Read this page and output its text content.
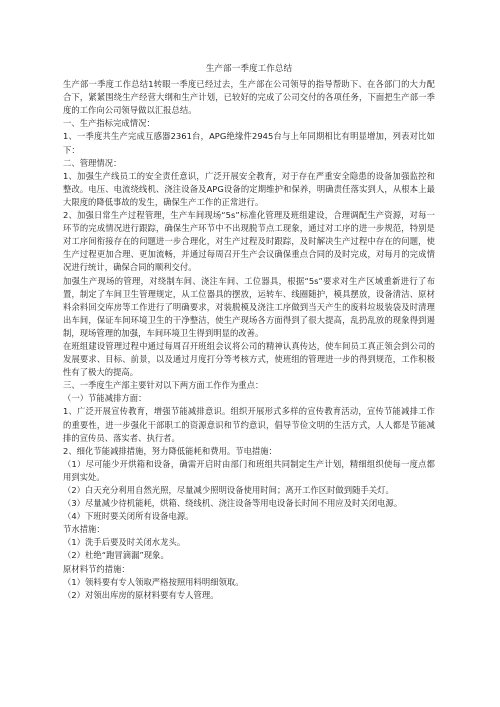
生产部一季度工作总结

生产部一季度工作总结1转眼一季度已经过去，生产部在公司领导的指导帮助下、在各部门的大力配合下，紧紧围绕生产经营大纲和生产计划，已较好的完成了公司交付的各项任务，下面把生产部一季度的工作向公司领导做以汇报总结。

一、生产指标完成情况：

1、一季度共生产完成互感器2361台，APG绝缘件2945台与上年同期相比有明显增加，列表对比如下：

二、管理情况：

1、加强生产线员工的安全责任意识，广泛开展安全教育，对于存在严重安全隐患的设备加强监控和整改。电压、电流绕线机、浇注设备及APG设备的定期维护和保养，明确责任落实到人，从根本上最大限度的降低事故的发生，确保生产工作的正常进行。

2、加强日常生产过程管理，生产车间现场“5s”标准化管理及班组建设，合理调配生产资源，对每一环节的完成情况进行跟踪，确保生产环节中不出现脱节点工现象，通过对工序的进一步规范，特别是对工序间衔接存在的问题进一步合理化，对生产过程及时跟踪，及时解决生产过程中存在的问题，使生产过程更加合理、更加流畅，并通过每周召开生产会议确保重点合同的及时完成，对每月的完成情况进行统计，确保合同的顺利交付。

加强生产现场的管理，对绕制车间、浇注车间、工位器具，根据“5s”要求对生产区域重新进行了布置，制定了车间卫生管理规定，从工位器具的摆放，运转车、线圈随护，模具摆放，设备清洁、原材料余料回交库房等工作进行了明确要求，对装脱模及浇注工序做到当天产生的废料垃圾装袋及时清理出车间，保证车间环境卫生的干净整洁，使生产现场各方面得到了很大提高，乱扔乱放的现象得到遏制，现场管理的加强，车间环境卫生得到明显的改善。

在班组建设管理过程中通过每周召开班组会议将公司的精神认真传达，使车间员工真正领会到公司的发展要求、目标、前景，以及通过月度打分等考核方式，使班组的管理进一步的得到规范，工作积极性有了极大的提高。

三、一季度生产部主要针对以下两方面工作作为重点：

（一）节能减排方面：

1、广泛开展宣传教育，增强节能减排意识。组织开展形式多样的宣传教育活动，宣传节能减排工作的重要性，进一步强化干部职工的资源意识和节约意识，倡导节俭文明的生活方式，人人都是节能减排的宣传员、落实者、执行者。

2、细化节能减排措施，努力降低能耗和费用。节电措施：

（1）尽可能少开烘箱和设备，确需开启时由部门和班组共同制定生产计划，精细组织使每一度点都用到实处。

（2）白天充分利用自然光照，尽量减少照明设备使用时间；离开工作区时做到随手关灯。

（3）尽量减少待机能耗，烘箱、绕线机、浇注设备等用电设备长时间不用应及时关闭电源。

（4）下班时要关闭所有设备电源。

节水措施：

（1）洗手后要及时关闭水龙头。

（2）杜绝“跑冒滴漏”现象。

原材料节约措施：

（1）领料要有专人领取严格按照用料明细领取。

（2）对领出库房的原材料要有专人管理。
